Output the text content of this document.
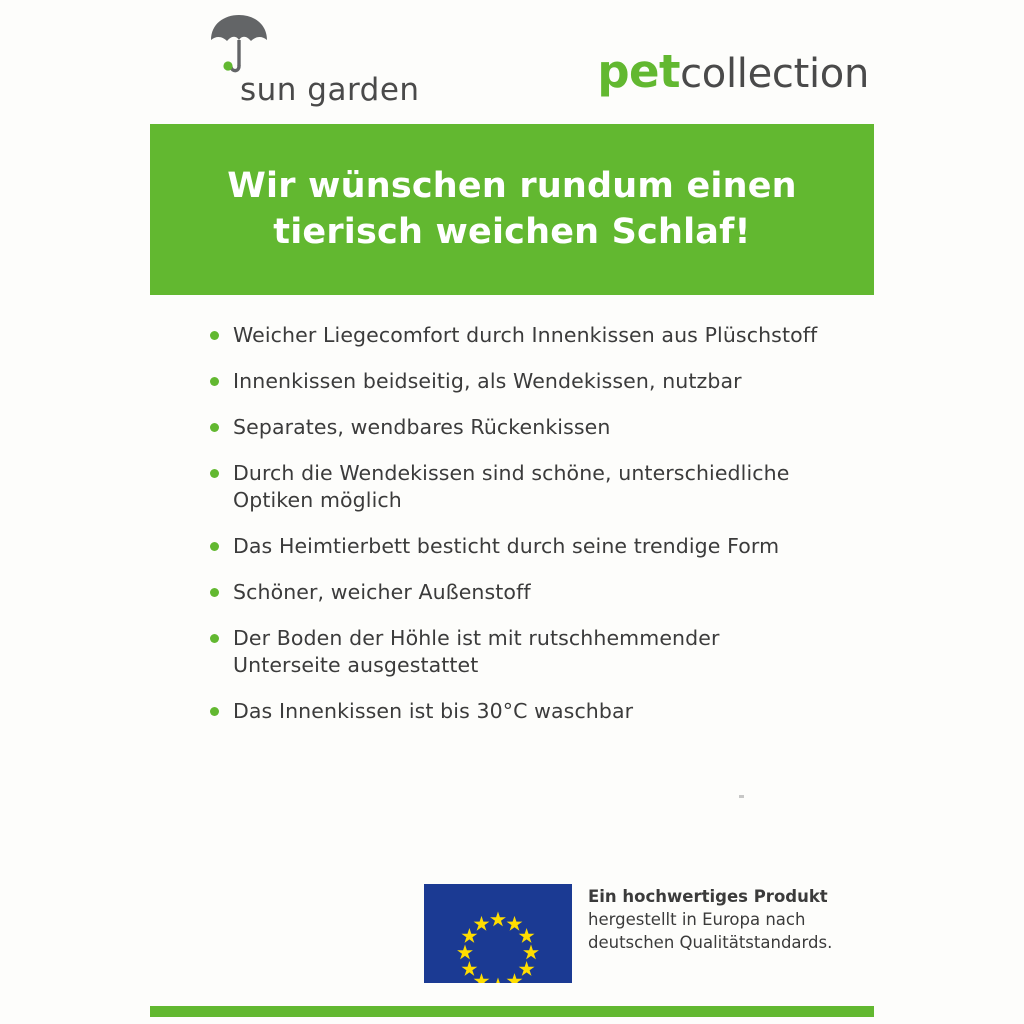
sun garden	petcollection
Wir wünschen rundum einen
tierisch weichen Schlaf!
Weicher Liegecomfort durch Innenkissen aus Plüschstoff
Innenkissen beidseitig, als Wendekissen, nutzbar
Separates, wendbares Rückenkissen
Durch die Wendekissen sind schöne, unterschiedliche Optiken möglich
Das Heimtierbett besticht durch seine trendige Form
Schöner, weicher Außenstoff
Der Boden der Höhle ist mit rutschhemmender Unterseite ausgestattet
Das Innenkissen ist bis 30°C waschbar
Ein hochwertiges Produkt
hergestellt in Europa nach
deutschen Qualitätstandards.
